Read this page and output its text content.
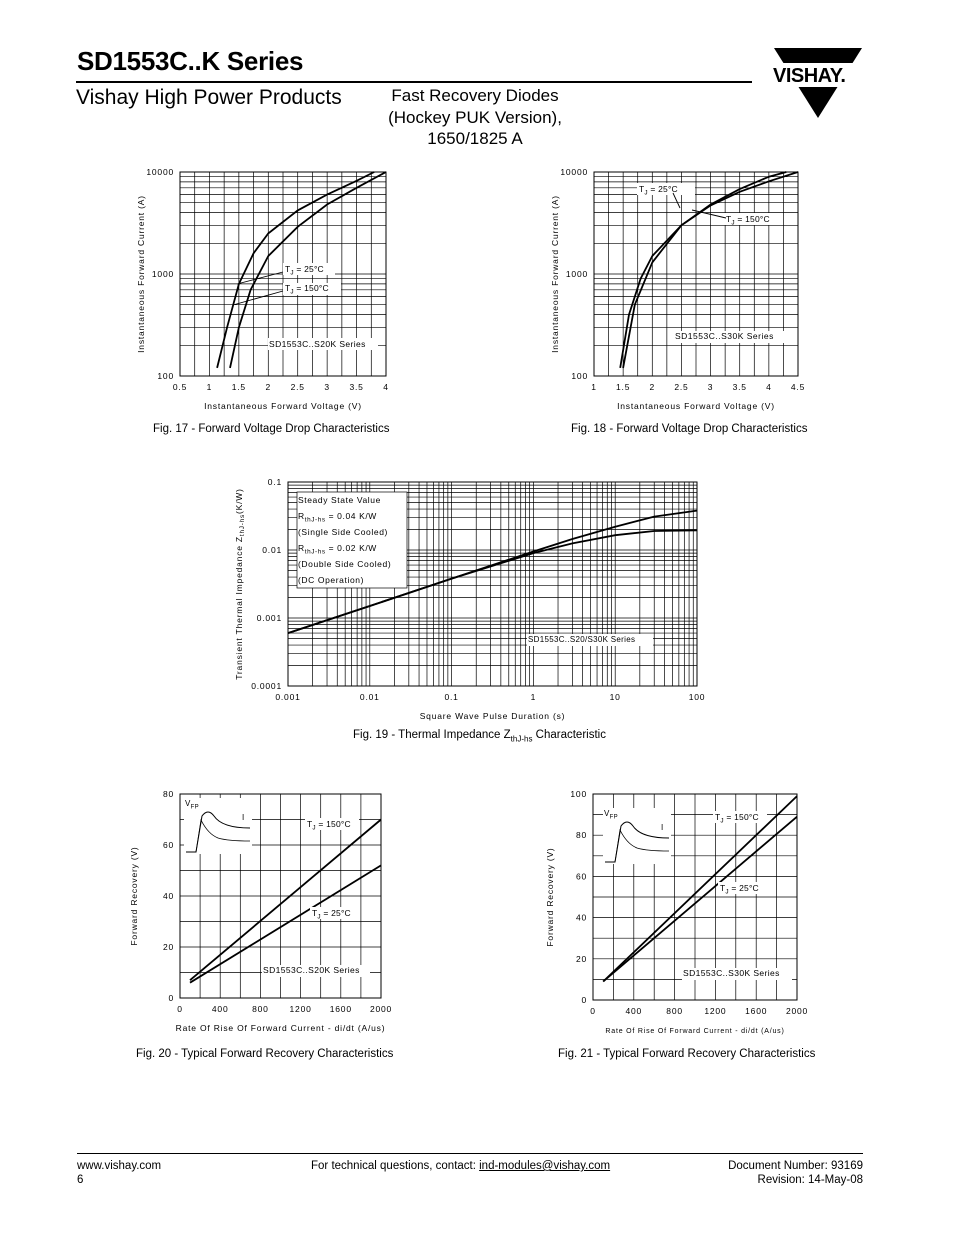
SD1553C..K Series
Vishay High Power Products	Fast Recovery Diodes
(Hockey PUK Version),
1650/1825 A
VISHAY.
0.5 1 1.5 2 2.5 3 3.5 4
100
1000
10000
Instantaneous Forward Voltage (V)
Instantaneous Forward Current (A)	SD1553C..S20K Series
$T_J = 25^\circ C$
$T_J = 150^\circ C$
Fig. 17 - Forward Voltage Drop Characteristics
1 1.5 2 2.5 3 3.5 4 4.5
100
1000
10000
Instantaneous Forward Voltage (V)
Instantaneous Forward Current (A)	SD1553C..S30K Series
$T_J = 25^\circ C$
$T_J = 150^\circ C$
Fig. 18 - Forward Voltage Drop Characteristics
0.001	0.01	0.1	1	10	100
0.0001
0.001
0.01
0.1
Square Wave Pulse Duration (s)
Transient Thermal Impedance $Z_{thJ-hs}(K/W)$	Steady State Value
$R_{thJ-hs} = 0.04$ K/W
(Single Side Cooled)
$R_{thJ-hs} = 0.02$ K/W
(Double Side Cooled)
(DC Operation)
SD1553C..S20/S30K Series
Fig. 19 - Thermal Impedance $Z_{thJ-hs}$ Characteristic
0	400	800 1200 1600 2000
0
20
40
60
80
Rate Of Rise Of Forward Current - di/dt (A/us)
Forward Recovery (V)
$V_{FP}$
I
$T_J = 150^\circ C$
$T_J = 25^\circ C$
SD1553C..S20K Series
Fig. 20 - Typical Forward Recovery Characteristics
0	400	800	1200 1600 2000
0
20
40
60
80
100
Rate Of Rise Of Forward Current - di/dt (A/us)
Forward Recovery (V)
$V_{FP}$
I
$T_J = 150^\circ C$
$T_J = 25^\circ C$
SD1553C..S30K Series
Fig. 21 - Typical Forward Recovery Characteristics
www.vishay.com
6
For technical questions, contact: ind-modules@vishay.com	Document Number: 93169
Revision: 14-May-08
